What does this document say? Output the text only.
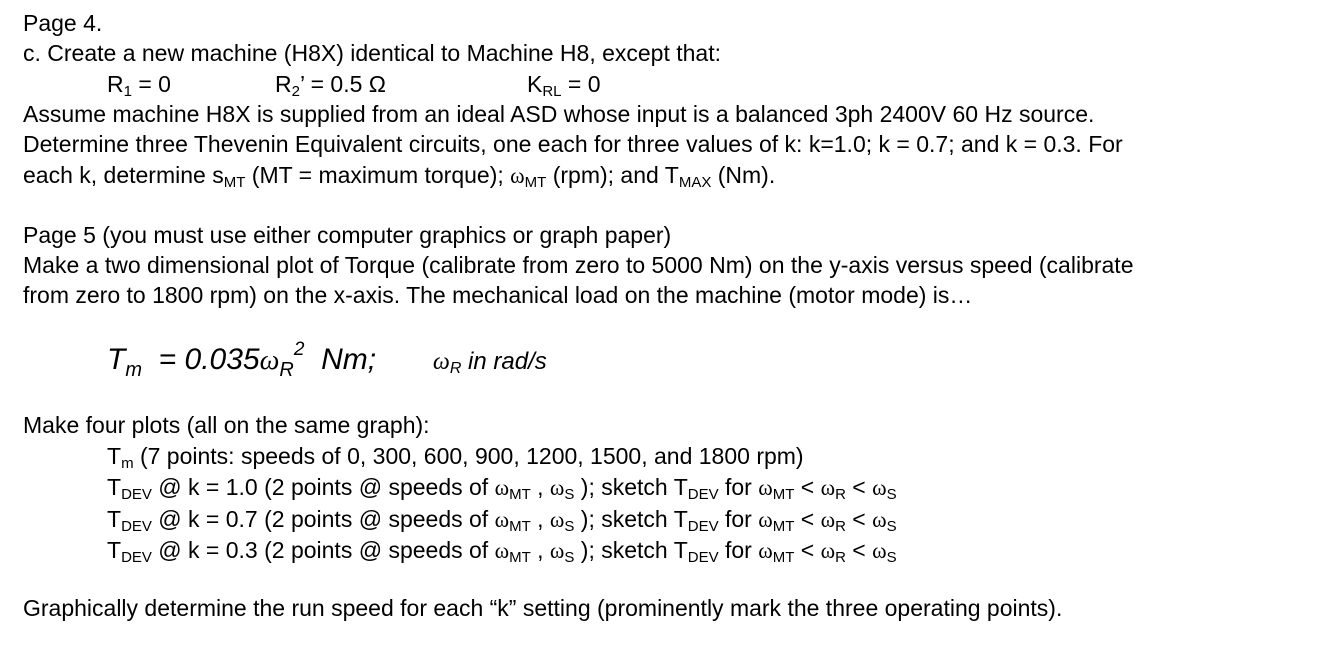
Page 4.
c. Create a new machine (H8X) identical to Machine H8, except that:
$R_1 = 0$	$R_2$’ = 0.5 Ω	$K_{RL} = 0$
Assume machine H8X is supplied from an ideal ASD whose input is a balanced 3ph 2400V 60 Hz source.
Determine three Thevenin Equivalent circuits, one each for three values of k: k=1.0; k = 0.7; and k = 0.3. For
each k, determine $s_{MT}$ (MT = maximum torque); $\omega_{MT}$ (rpm); and $T_{MAX}$ (Nm).
Page 5 (you must use either computer graphics or graph paper)
Make a two dimensional plot of Torque (calibrate from zero to 5000 Nm) on the y-axis versus speed (calibrate
from zero to 1800 rpm) on the x-axis. The mechanical load on the machine (motor mode) is…
$T_m = 0.035\omega_R^2$  Nm; $\omega_R$ in rad/s
Make four plots (all on the same graph):
$T_m$ (7 points: speeds of 0, 300, 600, 900, 1200, 1500, and 1800 rpm)
$T_{DEV}$ @ k = 1.0 (2 points @ speeds of $\omega_{MT}$ , $\omega_S$ ); sketch $T_{DEV}$ for $\omega_{MT} < \omega_R < \omega_S$
$T_{DEV}$ @ k = 0.7 (2 points @ speeds of $\omega_{MT}$ , $\omega_S$ ); sketch $T_{DEV}$ for $\omega_{MT} < \omega_R < \omega_S$
$T_{DEV}$ @ k = 0.3 (2 points @ speeds of $\omega_{MT}$ , $\omega_S$ ); sketch $T_{DEV}$ for $\omega_{MT} < \omega_R < \omega_S$
Graphically determine the run speed for each “k” setting (prominently mark the three operating points).
